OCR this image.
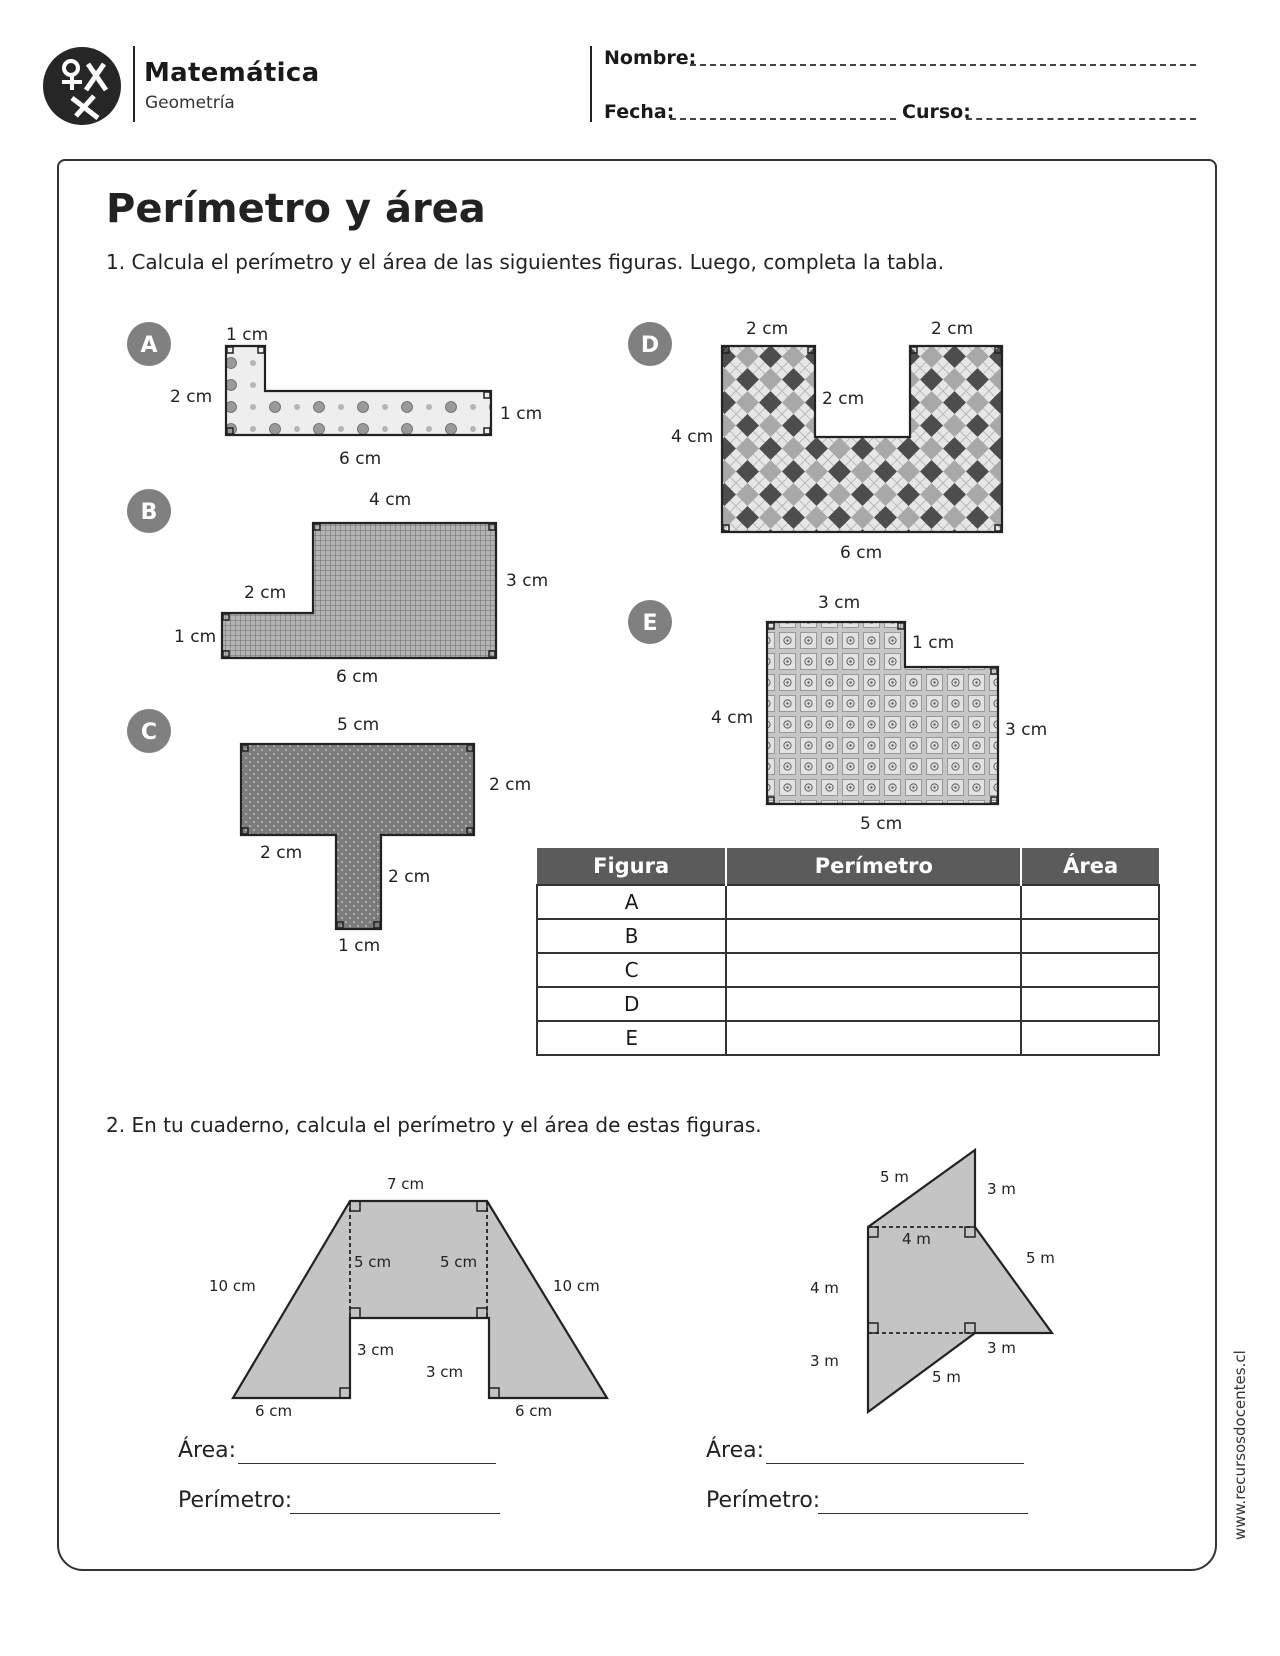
Matemática
Geometría
Nombre:
Fecha:	Curso:
Perímetro y área
1. Calcula el perímetro y el área de las siguientes figuras. Luego, completa la tabla.
A
B
C
D
E
1 cm
2 cm
1 cm
6 cm
4 cm
3 cm
2 cm
1 cm
6 cm
5 cm
2 cm
2 cm
2 cm
1 cm
2 cm	2 cm
2 cm
4 cm
6 cm
3 cm
1 cm
4 cm
3 cm
5 cm
7 cm
10 cm	10 cm
5 cm	5 cm
3 cm
3 cm
6 cm	6 cm
5 m
3 m
4 m
5 m
4 m
3 m
3 m
5 m
Figura	Perímetro	Área
A		
B		
C		
D		
E		
2. En tu cuaderno, calcula el perímetro y el área de estas figuras.
Área:
Perímetro:
Área:
Perímetro:	www.recursosdocentes.cl
